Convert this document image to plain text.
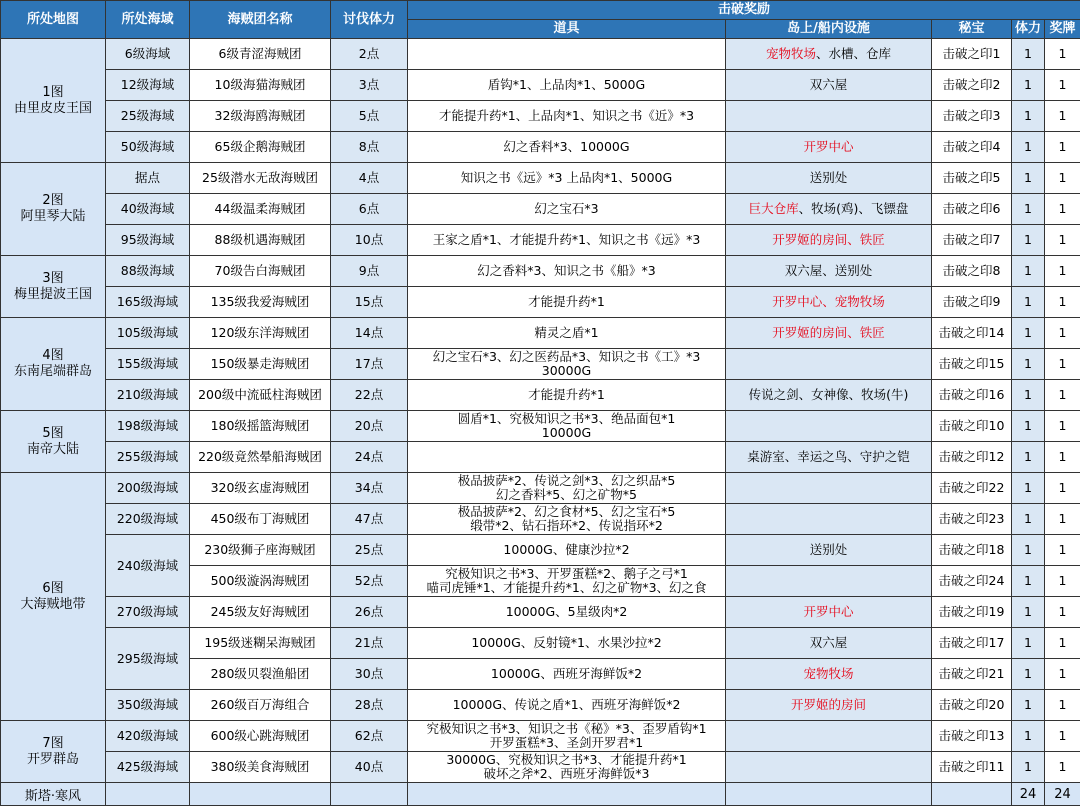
所处地图	所处海域	海贼团名称	讨伐体力	击破奖励				
				道具	岛上/船内设施	秘宝	体力	奖牌

1图
由里皮皮王国	6级海域	6级青涩海贼团	2点		宠物牧场、水槽、仓库	击破之印1	1	1
	12级海域	10级海猫海贼团	3点	盾钩*1、上品肉*1、5000G	双六屋	击破之印2	1	1
	25级海域	32级海鸥海贼团	5点	才能提升药*1、上品肉*1、知识之书《近》*3		击破之印3	1	1
	50级海域	65级企鹅海贼团	8点	幻之香料*3、10000G	开罗中心	击破之印4	1	1

2图
阿里琴大陆	据点	25级潜水无敌海贼团	4点	知识之书《远》*3 上品肉*1、5000G	送别处	击破之印5	1	1
	40级海域	44级温柔海贼团	6点	幻之宝石*3	巨大仓库、牧场(鸡)、飞镖盘	击破之印6	1	1
	95级海域	88级机遇海贼团	10点	王家之盾*1、才能提升药*1、知识之书《远》*3	开罗姬的房间、铁匠	击破之印7	1	1

3图
梅里提波王国	88级海域	70级告白海贼团	9点	幻之香料*3、知识之书《船》*3	双六屋、送别处	击破之印8	1	1
	165级海域	135级我爱海贼团	15点	才能提升药*1	开罗中心、宠物牧场	击破之印9	1	1

4图
东南尾端群岛	105级海域	120级东洋海贼团	14点	精灵之盾*1	开罗姬的房间、铁匠	击破之印14	1	1
	155级海域	150级暴走海贼团	17点	幻之宝石*3、幻之医药品*3、知识之书《工》*3
30000G		击破之印15	1	1
	210级海域	200级中流砥柱海贼团	22点	才能提升药*1	传说之剑、女神像、牧场(牛)	击破之印16	1	1

5图
南帝大陆	198级海域	180级摇篮海贼团	20点	圆盾*1、究极知识之书*3、绝品面包*1
10000G		击破之印10	1	1
	255级海域	220级竟然晕船海贼团	24点		桌游室、幸运之鸟、守护之铠	击破之印12	1	1

6图
大海贼地带	200级海域	320级玄虚海贼团	34点	极品披萨*2、传说之剑*3、幻之织品*5
幻之香料*5、幻之矿物*5		击破之印22	1	1
	220级海域	450级布丁海贼团	47点	极品披萨*2、幻之食材*5、幻之宝石*5
缎带*2、钻石指环*2、传说指环*2		击破之印23	1	1
	240级海域	230级狮子座海贼团	25点	10000G、健康沙拉*2	送别处	击破之印18	1	1
		500级漩涡海贼团	52点	究极知识之书*3、开罗蛋糕*2、鹅子之弓*1
喵司虎锤*1、才能提升药*1、幻之矿物*3、幻之食		击破之印24	1	1
	270级海域	245级友好海贼团	26点	10000G、5星级肉*2	开罗中心	击破之印19	1	1
	295级海域	195级迷糊呆海贼团	21点	10000G、反射镜*1、水果沙拉*2	双六屋	击破之印17	1	1
		280级贝裂渔船团	30点	10000G、西班牙海鲜饭*2	宠物牧场	击破之印21	1	1
	350级海域	260级百万海组合	28点	10000G、传说之盾*1、西班牙海鲜饭*2	开罗姬的房间	击破之印20	1	1

7图
开罗群岛	420级海域	600级心跳海贼团	62点	究极知识之书*3、知识之书《秘》*3、歪罗盾钩*1
开罗蛋糕*3、圣剑开罗君*1		击破之印13	1	1
	425级海域	380级美食海贼团	40点	30000G、究极知识之书*3、才能提升药*1
破坏之斧*2、西班牙海鲜饭*3		击破之印11	1	1
斯塔·寒风							24	24
